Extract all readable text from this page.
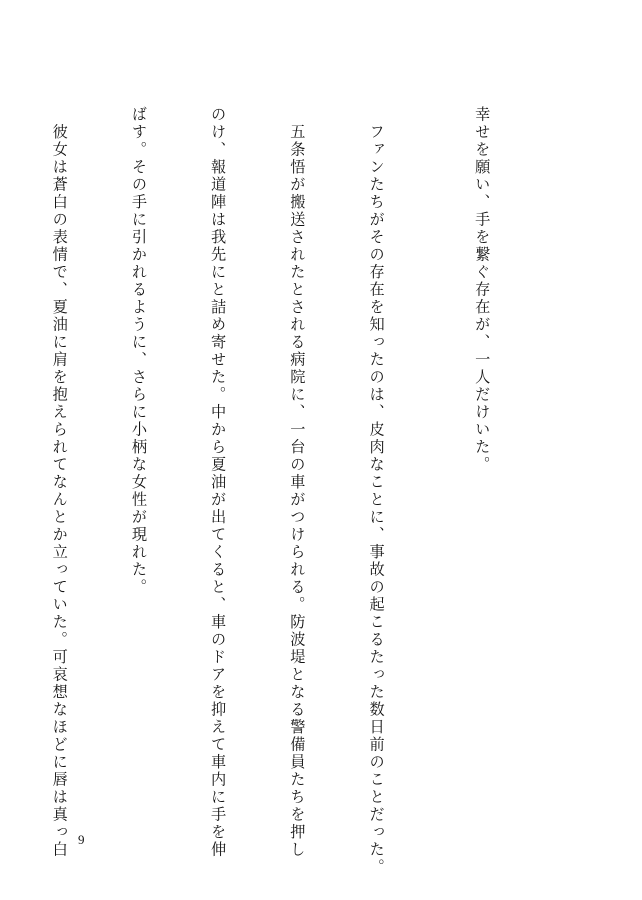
幸せを願い、手を繋ぐ存在が、一人だけいた。

　ファンたちがその存在を知ったのは、皮肉なことに、事故の起こるたった数日前のことだった。

　五条悟が搬送されたとされる病院に、一台の車がつけられる。防波堤となる警備員たちを押し

のけ、報道陣は我先にと詰め寄せた。中から夏油が出てくると、車のドアを抑えて車内に手を伸

ばす。その手に引かれるように、さらに小柄な女性が現れた。

　彼女は蒼白の表情で、夏油に肩を抱えられてなんとか立っていた。可哀想なほどに唇は真っ白

9
